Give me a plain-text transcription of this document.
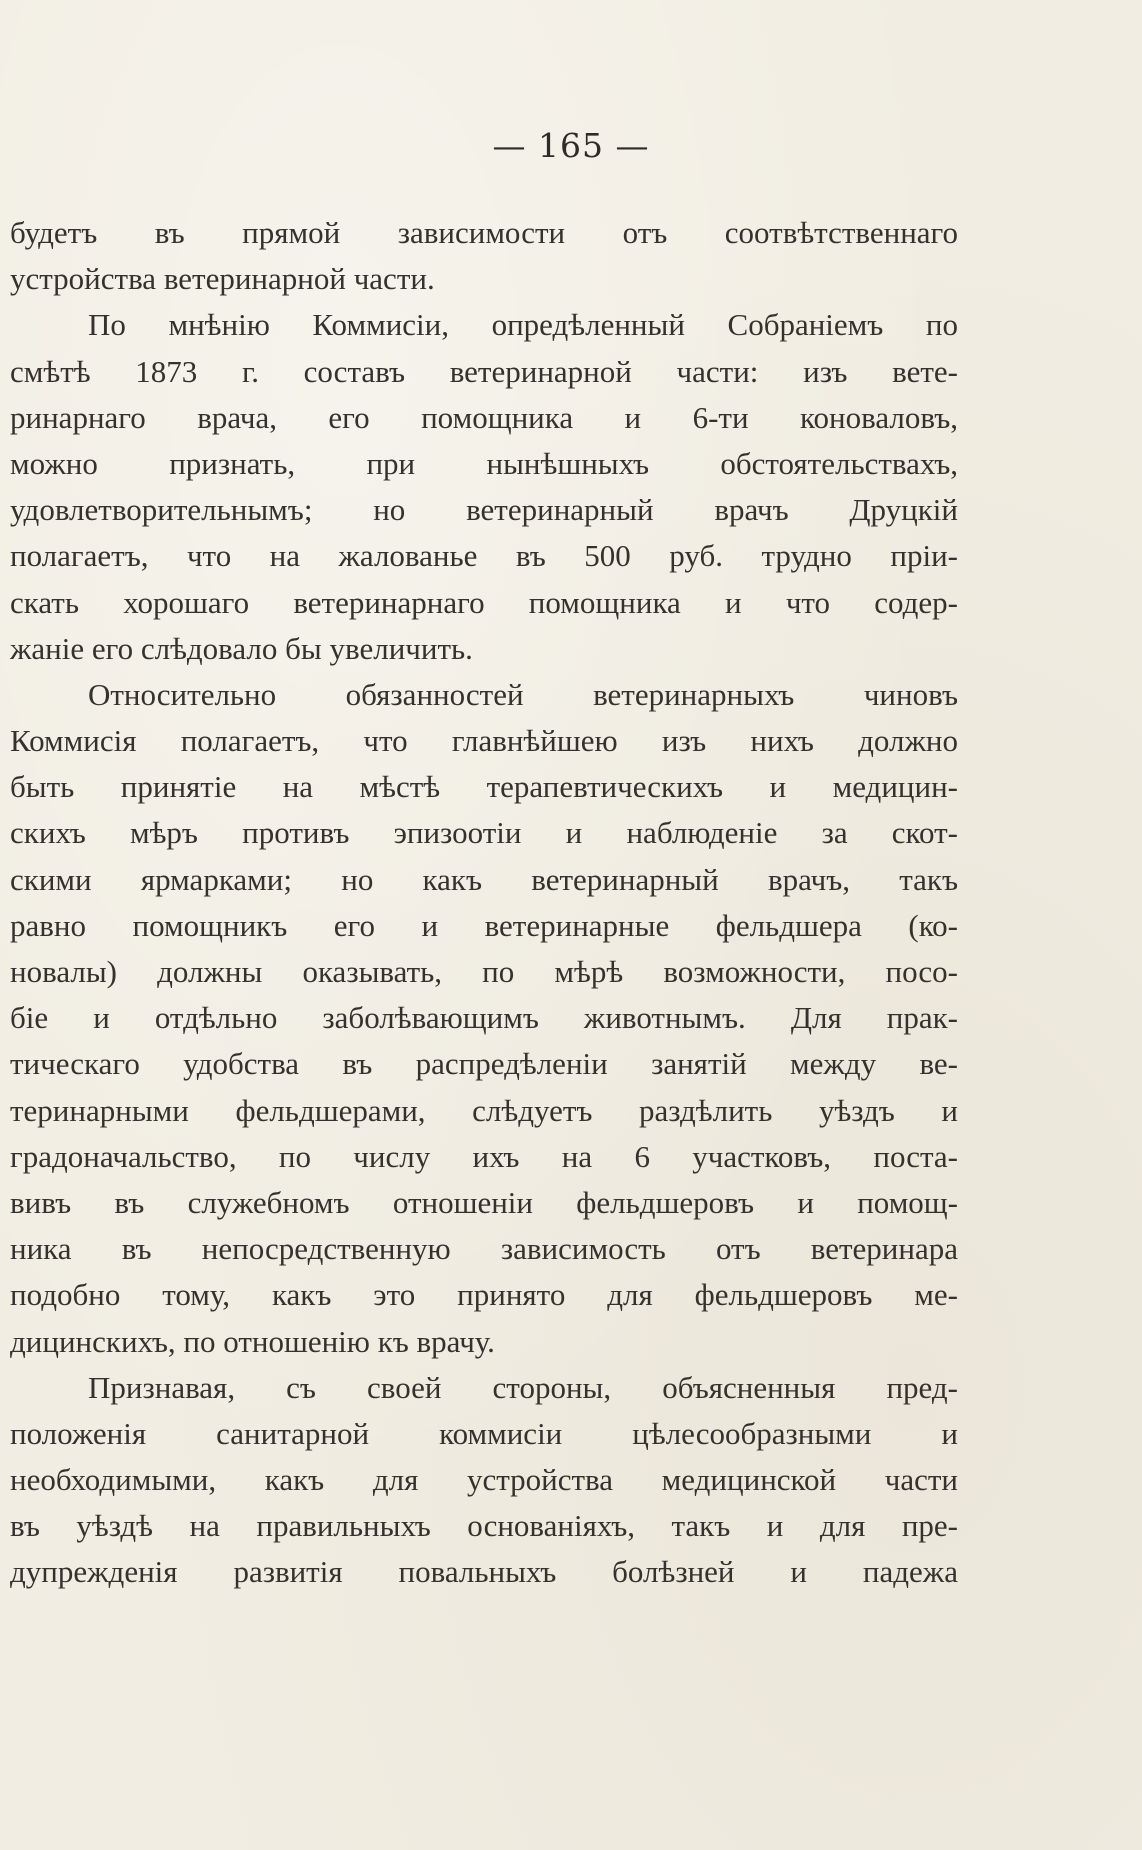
— 165 —
будетъ въ прямой зависимости отъ соотвѣтственнаго
устройства ветеринарной части.
По мнѣнію Коммисіи, опредѣленный Собраніемъ по
смѣтѣ 1873 г. составъ ветеринарной части: изъ вете-
ринарнаго врача, его помощника и 6-ти коноваловъ,
можно признать, при нынѣшныхъ обстоятельствахъ,
удовлетворительнымъ; но ветеринарный врачъ Друцкій
полагаетъ, что на жалованье въ 500 руб. трудно прiи-
скать хорошаго ветеринарнаго помощника и что содер-
жаніе его слѣдовало бы увеличить.
Относительно обязанностей ветеринарныхъ чиновъ
Коммисія полагаетъ, что главнѣйшею изъ нихъ должно
быть принятіе на мѣстѣ терапевтическихъ и медицин-
скихъ мѣръ противъ эпизоотіи и наблюденіе за скот-
скими ярмарками; но какъ ветеринарный врачъ, такъ
равно помощникъ его и ветеринарные фельдшера (ко-
новалы) должны оказывать, по мѣрѣ возможности, посо-
біе и отдѣльно заболѣвающимъ животнымъ. Для прак-
тическаго удобства въ распредѣленіи занятій между ве-
теринарными фельдшерами, слѣдуетъ раздѣлить уѣздъ и
градоначальство, по числу ихъ на 6 участковъ, поста-
вивъ въ служебномъ отношеніи фельдшеровъ и помощ-
ника въ непосредственную зависимость отъ ветеринара
подобно тому, какъ это принято для фельдшеровъ ме-
дицинскихъ, по отношенію къ врачу.
Признавая, съ своей стороны, объясненныя пред-
положенія санитарной коммисіи цѣлесообразными и
необходимыми, какъ для устройства медицинской части
въ уѣздѣ на правильныхъ основаніяхъ, такъ и для пре-
дупрежденія развитія повальныхъ болѣзней и падежа
